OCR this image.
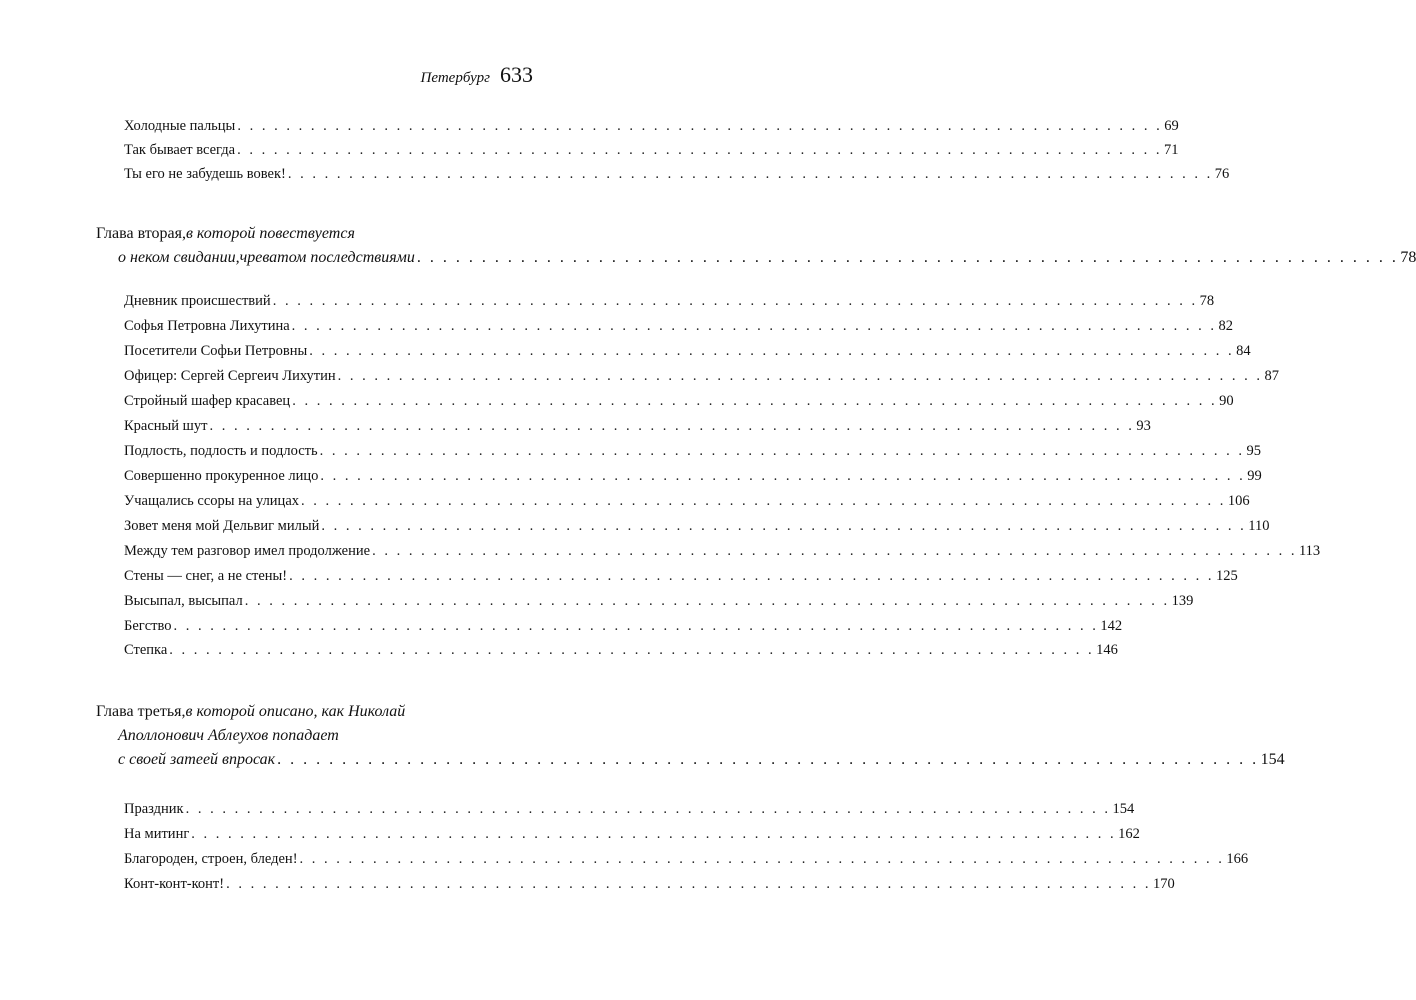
Петербург 633
Холодные пальцы . . . . . . . . . . . . . . . . . . . . . . . . . . . . . . . . . . . . . . . . . . . . . . . . . . . . . . . . . . . . . . . . . . . . . . . . . . . . 69
Так бывает всегда . . . . . . . . . . . . . . . . . . . . . . . . . . . . . . . . . . . . . . . . . . . . . . . . . . . . . . . . . . . . . . . . . . . . . . . . . . . . 71
Ты его не забудешь вовек! . . . . . . . . . . . . . . . . . . . . . . . . . . . . . . . . . . . . . . . . . . . . . . . . . . . . . . . . . . . . . . . . . . . . . . . . . . . . 76
Глава вторая, в которой повествуется
о неком свидании,чреватом последствиями . . . . . . . . . . . . . . . . . . . . . . . . . . . . . . . . . . . . . . . . . . . . . . . . . . . . . . . . . . . . . . . . . . . . . . . . . . . . 78
Дневник происшествий . . . . . . . . . . . . . . . . . . . . . . . . . . . . . . . . . . . . . . . . . . . . . . . . . . . . . . . . . . . . . . . . . . . . . . . . . . . . 78
Софья Петровна Лихутина . . . . . . . . . . . . . . . . . . . . . . . . . . . . . . . . . . . . . . . . . . . . . . . . . . . . . . . . . . . . . . . . . . . . . . . . . . . . 82
Посетители Софьи Петровны . . . . . . . . . . . . . . . . . . . . . . . . . . . . . . . . . . . . . . . . . . . . . . . . . . . . . . . . . . . . . . . . . . . . . . . . . . . . 84
Офицер: Сергей Сергеич Лихутин . . . . . . . . . . . . . . . . . . . . . . . . . . . . . . . . . . . . . . . . . . . . . . . . . . . . . . . . . . . . . . . . . . . . . . . . . . . . 87
Стройный шафер красавец . . . . . . . . . . . . . . . . . . . . . . . . . . . . . . . . . . . . . . . . . . . . . . . . . . . . . . . . . . . . . . . . . . . . . . . . . . . . 90
Красный шут . . . . . . . . . . . . . . . . . . . . . . . . . . . . . . . . . . . . . . . . . . . . . . . . . . . . . . . . . . . . . . . . . . . . . . . . . . . . 93
Подлость, подлость и подлость . . . . . . . . . . . . . . . . . . . . . . . . . . . . . . . . . . . . . . . . . . . . . . . . . . . . . . . . . . . . . . . . . . . . . . . . . . . . 95
Совершенно прокуренное лицо . . . . . . . . . . . . . . . . . . . . . . . . . . . . . . . . . . . . . . . . . . . . . . . . . . . . . . . . . . . . . . . . . . . . . . . . . . . . 99
Учащались ссоры на улицах . . . . . . . . . . . . . . . . . . . . . . . . . . . . . . . . . . . . . . . . . . . . . . . . . . . . . . . . . . . . . . . . . . . . . . . . . . . . 106
Зовет меня мой Дельвиг милый . . . . . . . . . . . . . . . . . . . . . . . . . . . . . . . . . . . . . . . . . . . . . . . . . . . . . . . . . . . . . . . . . . . . . . . . . . . . 110
Между тем разговор имел продолжение . . . . . . . . . . . . . . . . . . . . . . . . . . . . . . . . . . . . . . . . . . . . . . . . . . . . . . . . . . . . . . . . . . . . . . . . . . . . 113
Стены — снег, а не стены! . . . . . . . . . . . . . . . . . . . . . . . . . . . . . . . . . . . . . . . . . . . . . . . . . . . . . . . . . . . . . . . . . . . . . . . . . . . . 125
Высыпал, высыпал . . . . . . . . . . . . . . . . . . . . . . . . . . . . . . . . . . . . . . . . . . . . . . . . . . . . . . . . . . . . . . . . . . . . . . . . . . . . 139
Бегство . . . . . . . . . . . . . . . . . . . . . . . . . . . . . . . . . . . . . . . . . . . . . . . . . . . . . . . . . . . . . . . . . . . . . . . . . . . . 142
Степка . . . . . . . . . . . . . . . . . . . . . . . . . . . . . . . . . . . . . . . . . . . . . . . . . . . . . . . . . . . . . . . . . . . . . . . . . . . . 146
Глава третья, в которой описано, как Николай
Аполлонович Аблеухов попадает
с своей затеей впросак . . . . . . . . . . . . . . . . . . . . . . . . . . . . . . . . . . . . . . . . . . . . . . . . . . . . . . . . . . . . . . . . . . . . . . . . . . . . 154
Праздник . . . . . . . . . . . . . . . . . . . . . . . . . . . . . . . . . . . . . . . . . . . . . . . . . . . . . . . . . . . . . . . . . . . . . . . . . . . . 154
На митинг . . . . . . . . . . . . . . . . . . . . . . . . . . . . . . . . . . . . . . . . . . . . . . . . . . . . . . . . . . . . . . . . . . . . . . . . . . . . 162
Благороден, строен, бледен! . . . . . . . . . . . . . . . . . . . . . . . . . . . . . . . . . . . . . . . . . . . . . . . . . . . . . . . . . . . . . . . . . . . . . . . . . . . . 166
Конт-конт-конт! . . . . . . . . . . . . . . . . . . . . . . . . . . . . . . . . . . . . . . . . . . . . . . . . . . . . . . . . . . . . . . . . . . . . . . . . . . . . 170
